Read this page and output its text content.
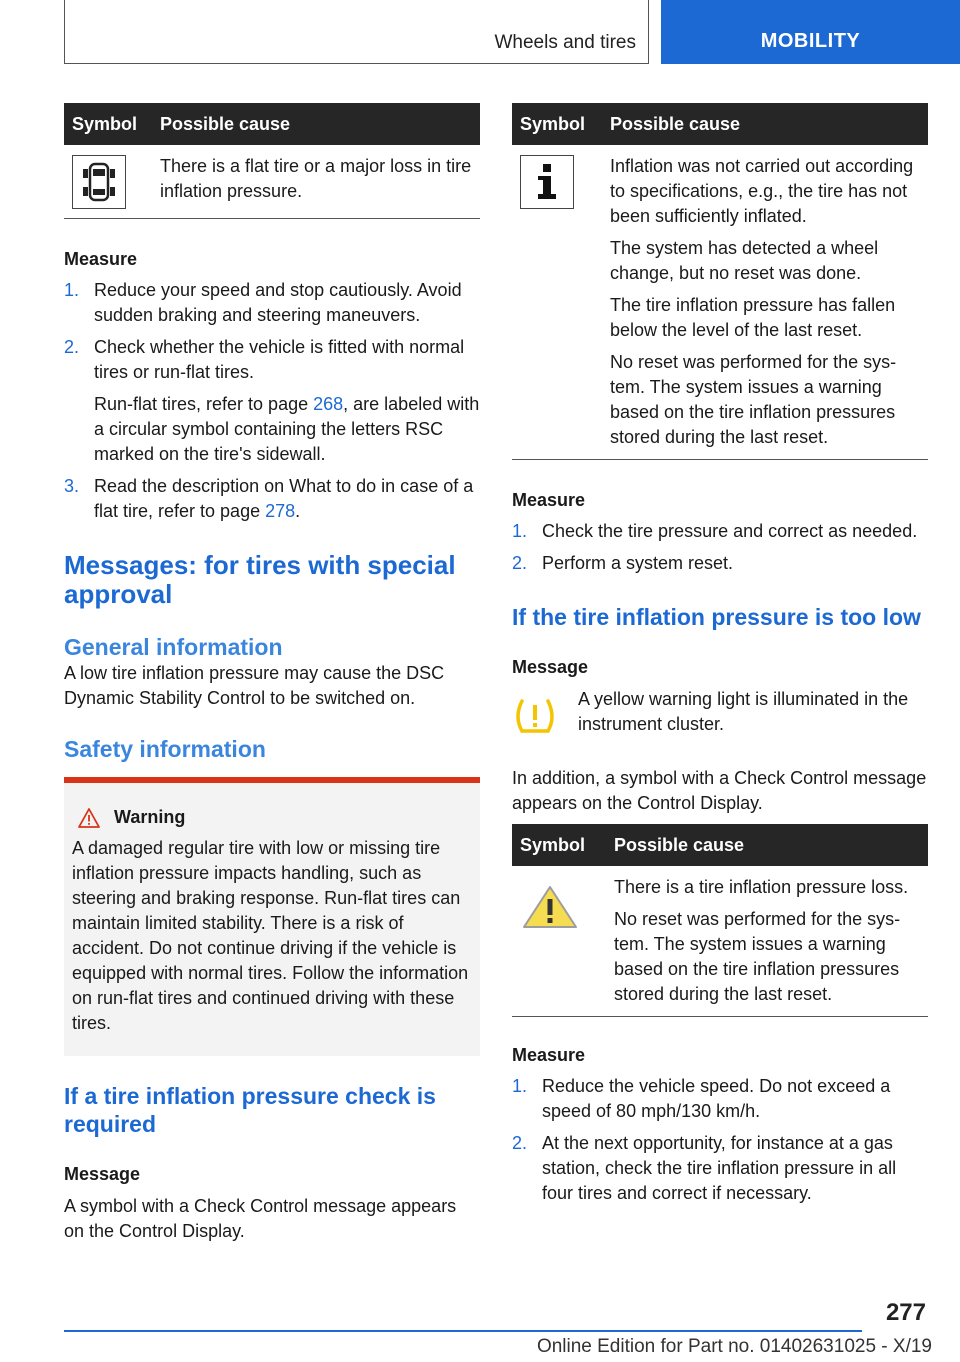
Wheels and tires	MOBILITY
Symbol	Possible cause

There is a flat tire or a major loss in tire inflation pressure.

Measure

1. Reduce your speed and stop cautiously. Avoid sudden braking and steering maneuvers.

2. Check whether the vehicle is fitted with normal tires or run-flat tires.

Run-flat tires, refer to page 268, are labeled with a circular symbol containing the letters RSC marked on the tire's sidewall.

3. Read the description on What to do in case of a flat tire, refer to page 278.

Messages: for tires with special approval
General information

A low tire inflation pressure may cause the DSC Dynamic Stability Control to be switched on.

Safety information
Warning

A damaged regular tire with low or missing tire inflation pressure impacts handling, such as steering and braking response. Run-flat tires can maintain limited stability. There is a risk of accident. Do not continue driving if the vehicle is equipped with normal tires. Follow the information on run-flat tires and continued driving with these tires.

If a tire inflation pressure check is required

Message

A symbol with a Check Control message appears on the Control Display.

Symbol	Possible cause

Inflation was not carried out according to specifications, e.g., the tire has not been sufficiently inflated.

The system has detected a wheel change, but no reset was done.

The tire inflation pressure has fallen below the level of the last reset.

No reset was performed for the system. The system issues a warning based on the tire inflation pressures stored during the last reset.

Measure

1. Check the tire pressure and correct as needed.

2. Perform a system reset.

If the tire inflation pressure is too low

Message

A yellow warning light is illuminated in the instrument cluster.

In addition, a symbol with a Check Control message appears on the Control Display.

Symbol	Possible cause

There is a tire inflation pressure loss.

No reset was performed for the system. The system issues a warning based on the tire inflation pressures stored during the last reset.

Measure

1. Reduce the vehicle speed. Do not exceed a speed of 80 mph/130 km/h.

2. At the next opportunity, for instance at a gas station, check the tire inflation pressure in all four tires and correct if necessary.

277
Online Edition for Part no. 01402631025 - X/19
